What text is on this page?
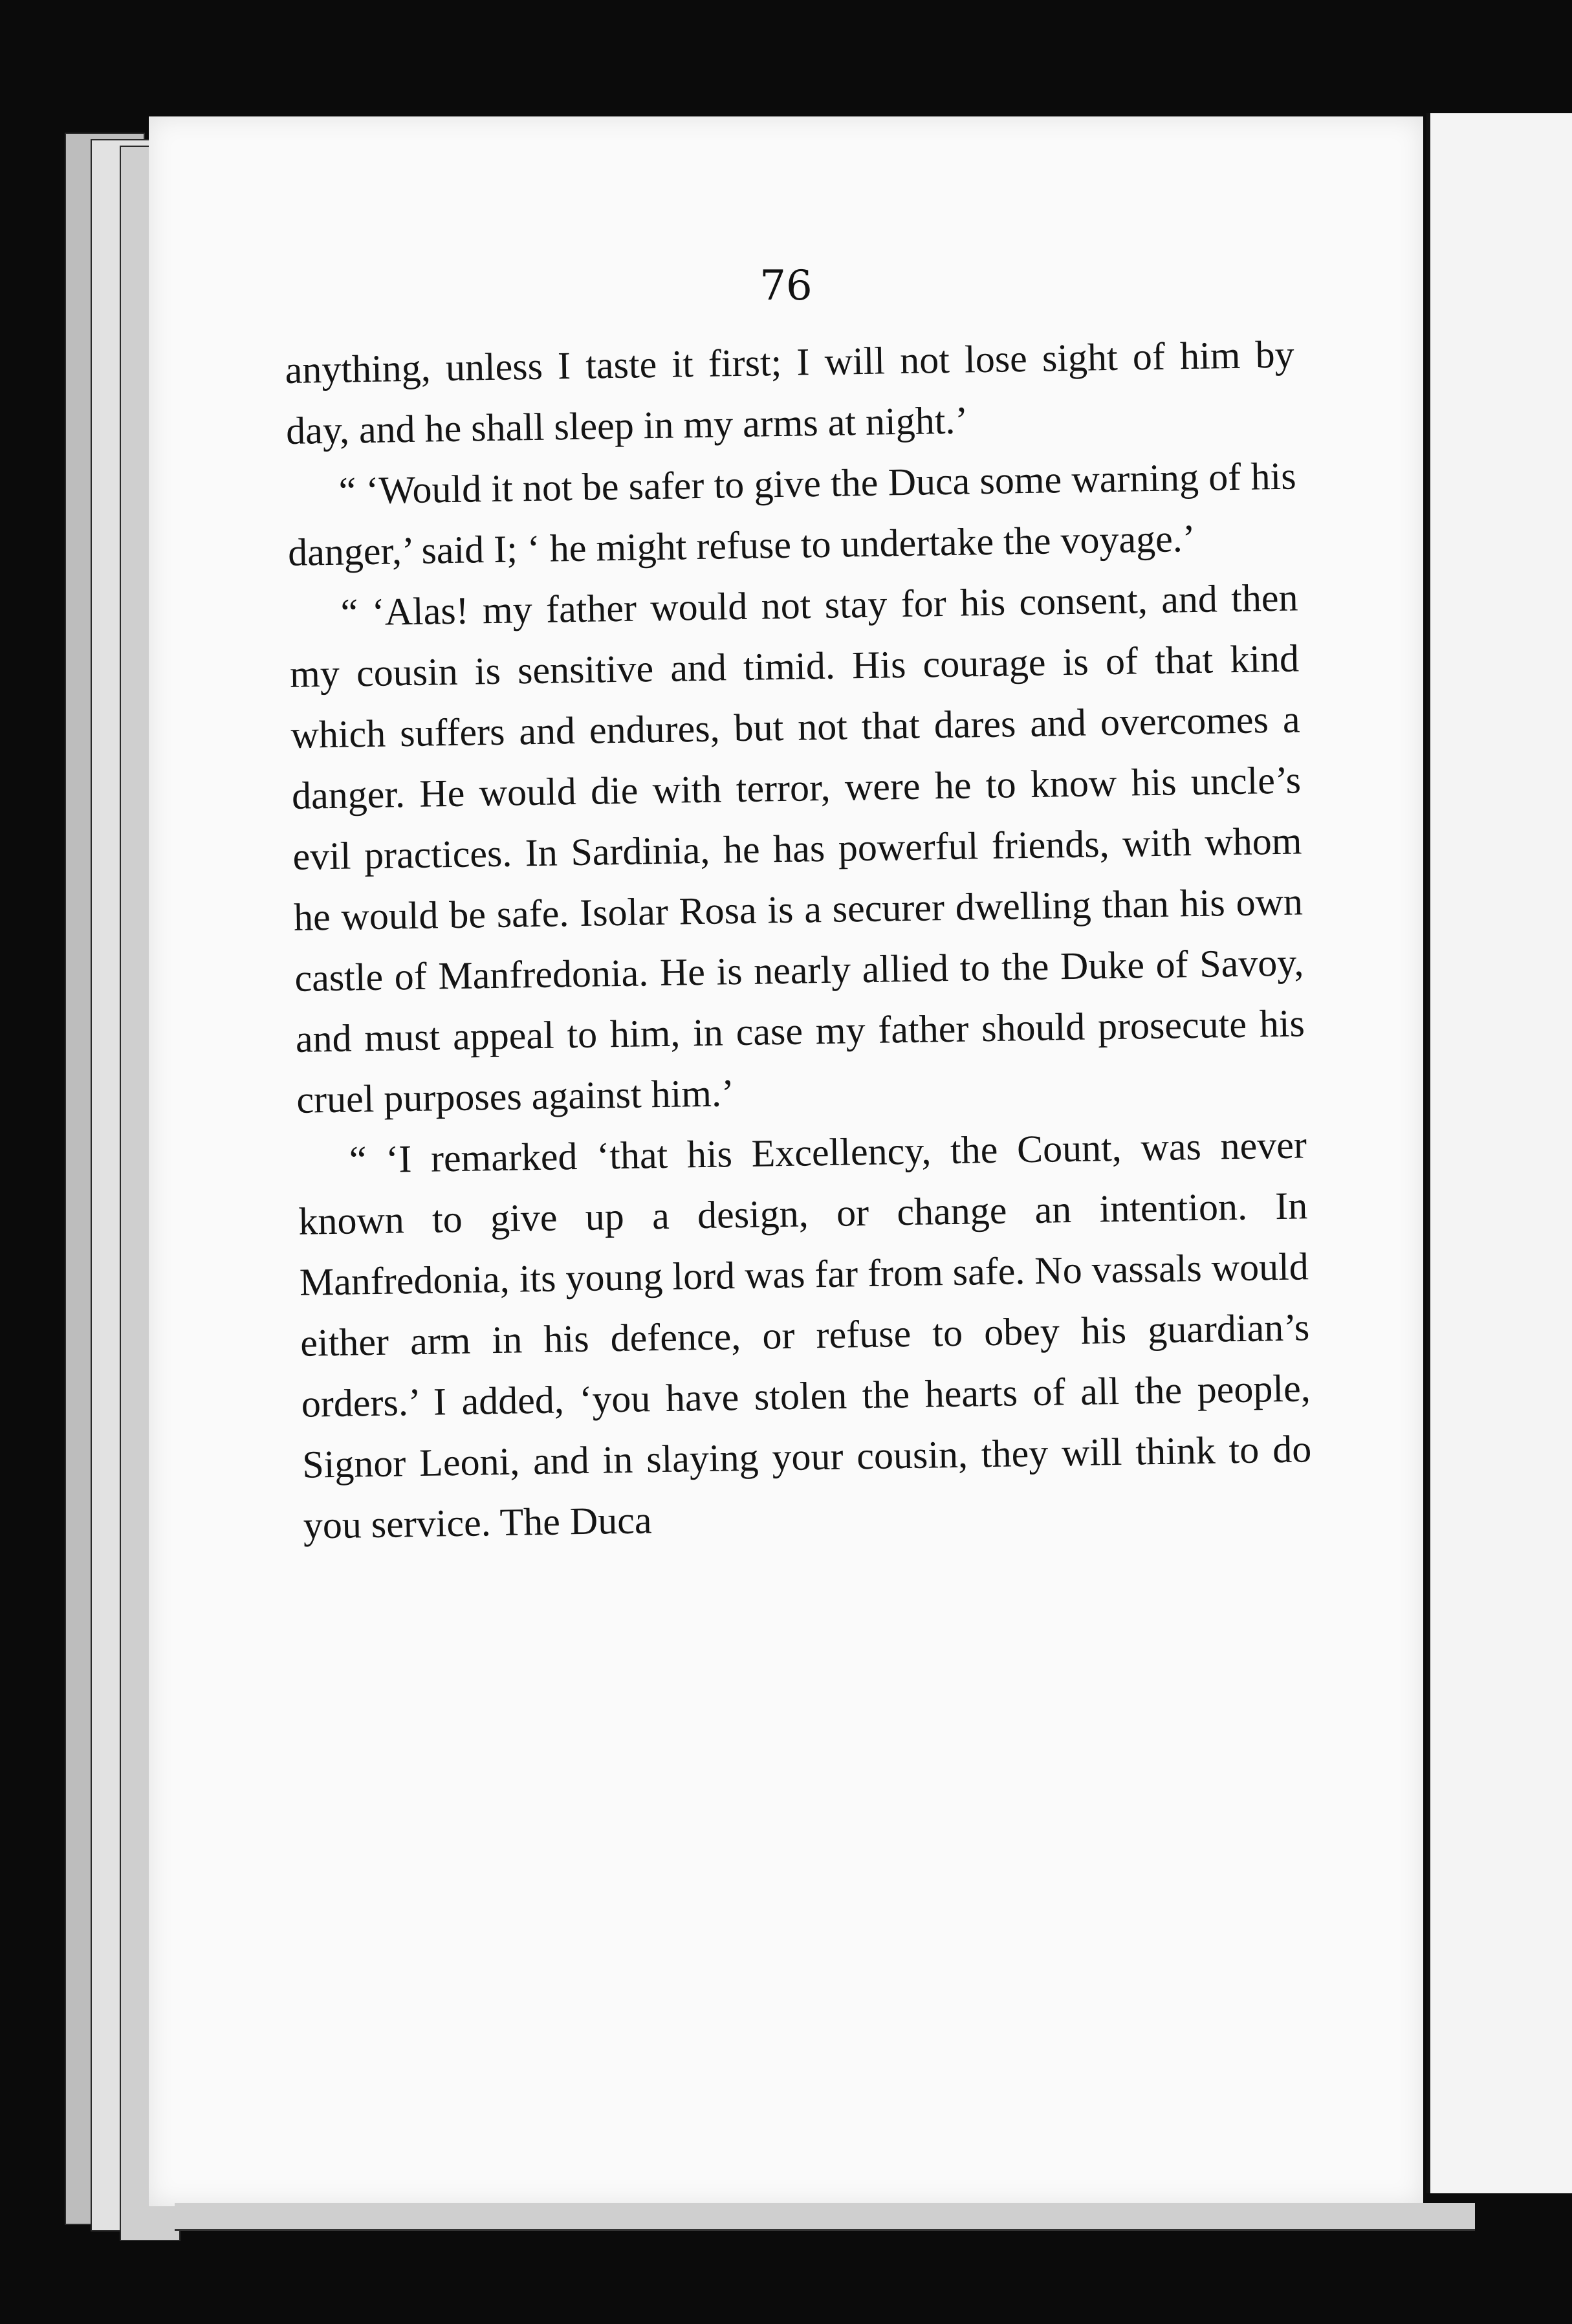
76

anything, unless I taste it first; I will not lose sight of him by day, and he shall sleep in my arms at night.’

“ ‘Would it not be safer to give the Duca some warning of his danger,’ said I; ‘ he might refuse to undertake the voyage.’

“ ‘Alas! my father would not stay for his consent, and then my cousin is sensitive and timid. His courage is of that kind which suffers and endures, but not that dares and overcomes a danger. He would die with terror, were he to know his uncle’s evil practices. In Sardinia, he has powerful friends, with whom he would be safe. Isolar Rosa is a securer dwelling than his own castle of Manfredonia. He is nearly allied to the Duke of Savoy, and must appeal to him, in case my father should prosecute his cruel purposes against him.’

“ ‘I remarked ‘that his Excellency, the Count, was never known to give up a design, or change an intention. In Manfredonia, its young lord was far from safe. No vassals would either arm in his defence, or refuse to obey his guardian’s orders.’ I added, ‘you have stolen the hearts of all the people, Signor Leoni, and in slaying your cousin, they will think to do you service. The Duca
